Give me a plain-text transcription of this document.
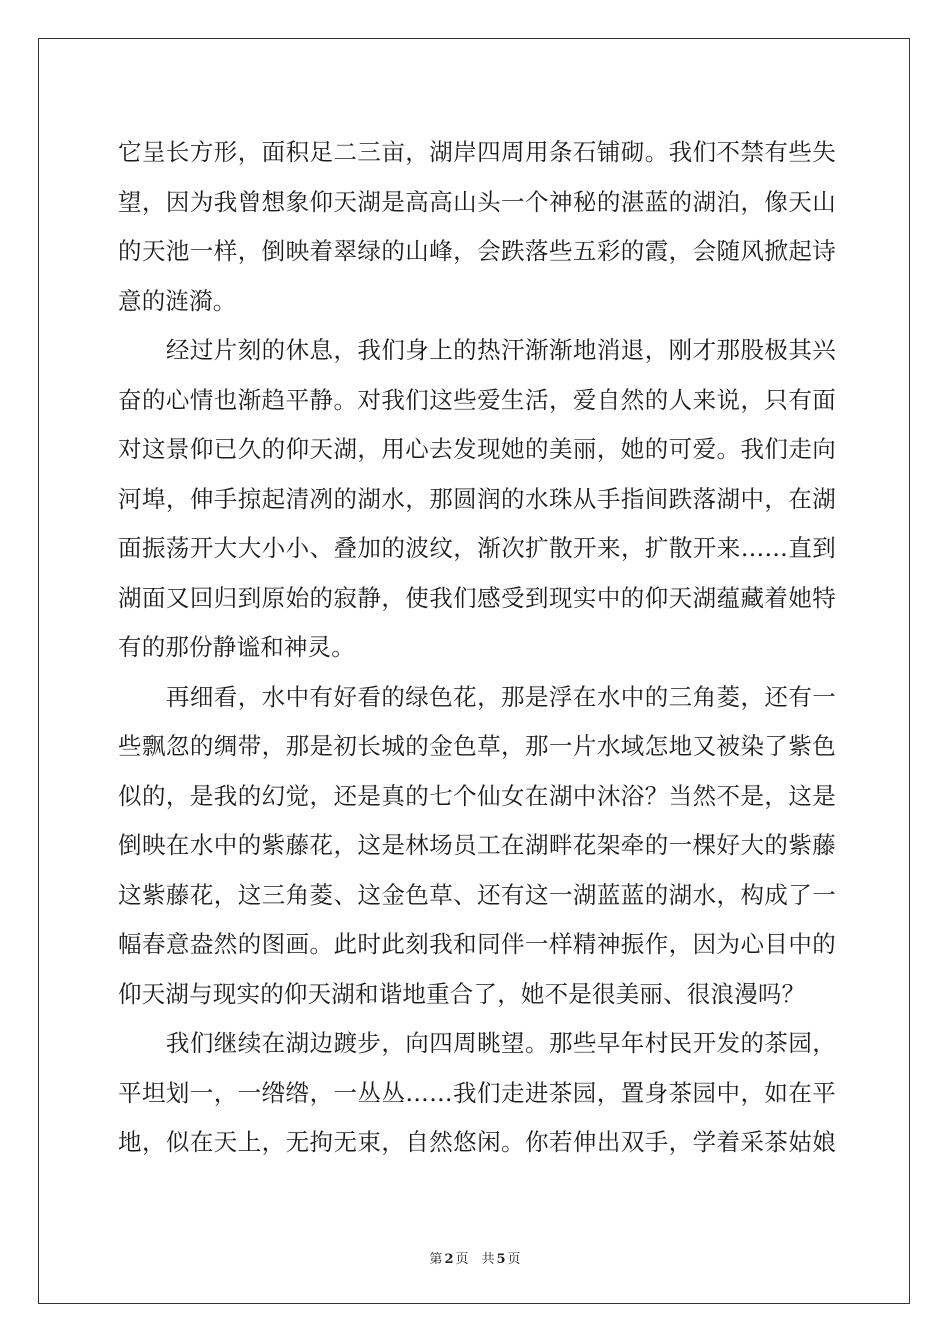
它呈长方形，面积足二三亩，湖岸四周用条石铺砌。我们不禁有些失
望，因为我曾想象仰天湖是高高山头一个神秘的湛蓝的湖泊，像天山
的天池一样，倒映着翠绿的山峰，会跌落些五彩的霞，会随风掀起诗
意的涟漪。
　　经过片刻的休息，我们身上的热汗渐渐地消退，刚才那股极其兴
奋的心情也渐趋平静。对我们这些爱生活，爱自然的人来说，只有面
对这景仰已久的仰天湖，用心去发现她的美丽，她的可爱。我们走向
河埠，伸手掠起清冽的湖水，那圆润的水珠从手指间跌落湖中，在湖
面振荡开大大小小、叠加的波纹，渐次扩散开来，扩散开来……直到
湖面又回归到原始的寂静，使我们感受到现实中的仰天湖蕴藏着她特
有的那份静谧和神灵。
　　再细看，水中有好看的绿色花，那是浮在水中的三角菱，还有一
些飘忽的绸带，那是初长城的金色草，那一片水域怎地又被染了紫色
似的，是我的幻觉，还是真的七个仙女在湖中沐浴？当然不是，这是
倒映在水中的紫藤花，这是林场员工在湖畔花架牵的一棵好大的紫藤
这紫藤花，这三角菱、这金色草、还有这一湖蓝蓝的湖水，构成了一
幅春意盎然的图画。此时此刻我和同伴一样精神振作，因为心目中的
仰天湖与现实的仰天湖和谐地重合了，她不是很美丽、很浪漫吗？
　　我们继续在湖边踱步，向四周眺望。那些早年村民开发的茶园，
平坦划一，一绺绺，一丛丛……我们走进茶园，置身茶园中，如在平
地，似在天上，无拘无束，自然悠闲。你若伸出双手，学着采茶姑娘
第 2 页　共 5 页
